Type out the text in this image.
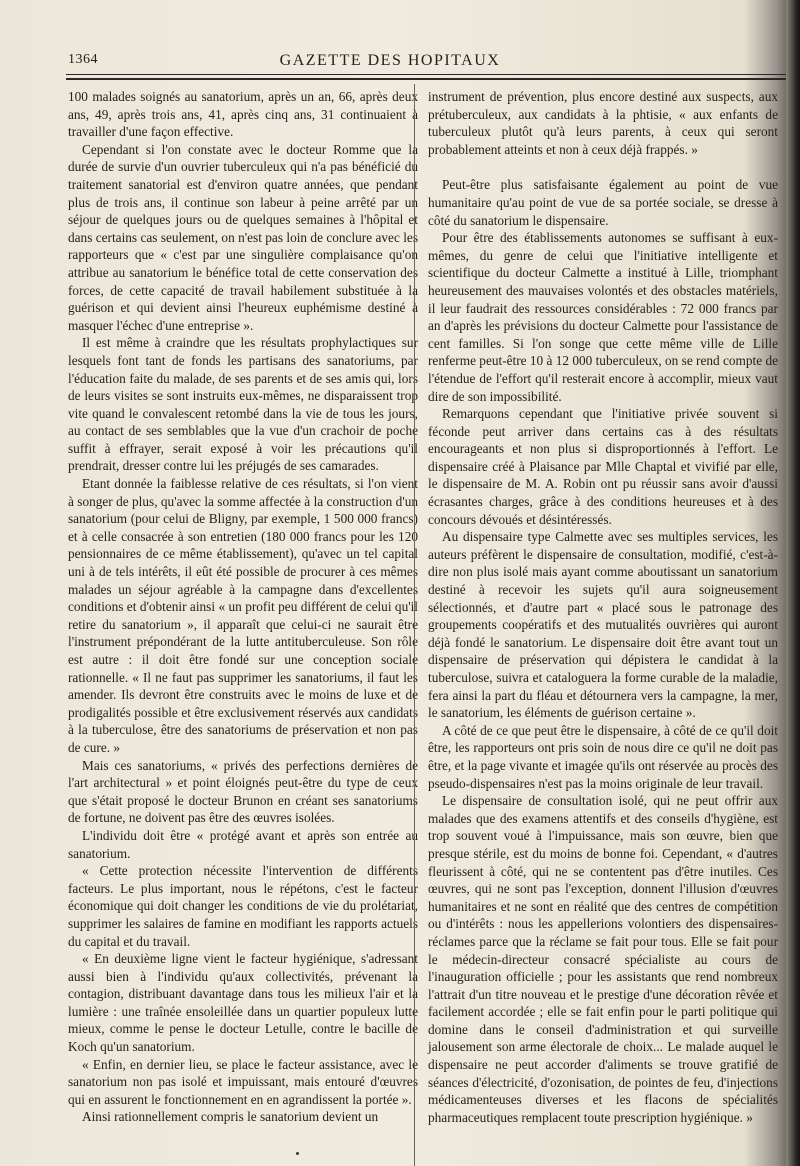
1364	GAZETTE DES HOPITAUX

100 malades soignés au sanatorium, après un an, 66, après deux ans, 49, après trois ans, 41, après cinq ans, 31 continuaient à travailler d'une façon effective.

Cependant si l'on constate avec le docteur Romme que la durée de survie d'un ouvrier tuberculeux qui n'a pas bénéficié du traitement sanatorial est d'environ quatre années, que pendant plus de trois ans, il continue son labeur à peine arrêté par un séjour de quelques jours ou de quelques semaines à l'hôpital et dans certains cas seulement, on n'est pas loin de conclure avec les rapporteurs que « c'est par une singulière complaisance qu'on attribue au sanatorium le bénéfice total de cette conservation des forces, de cette capacité de travail habilement substituée à la guérison et qui devient ainsi l'heureux euphémisme destiné à masquer l'échec d'une entreprise ».

Il est même à craindre que les résultats prophylactiques sur lesquels font tant de fonds les partisans des sanatoriums, par l'éducation faite du malade, de ses parents et de ses amis qui, lors de leurs visites se sont instruits eux-mêmes, ne disparaissent trop vite quand le convalescent retombé dans la vie de tous les jours, au contact de ses semblables que la vue d'un crachoir de poche suffit à effrayer, serait exposé à voir les précautions qu'il prendrait, dresser contre lui les préjugés de ses camarades.

Etant donnée la faiblesse relative de ces résultats, si l'on vient à songer de plus, qu'avec la somme affectée à la construction d'un sanatorium (pour celui de Bligny, par exemple, 1 500 000 francs) et à celle consacrée à son entretien (180 000 francs pour les 120 pensionnaires de ce même établissement), qu'avec un tel capital uni à de tels intérêts, il eût été possible de procurer à ces mêmes malades un séjour agréable à la campagne dans d'excellentes conditions et d'obtenir ainsi « un profit peu différent de celui qu'il retire du sanatorium », il apparaît que celui-ci ne saurait être l'instrument prépondérant de la lutte antituberculeuse. Son rôle est autre : il doit être fondé sur une conception sociale rationnelle. « Il ne faut pas supprimer les sanatoriums, il faut les amender. Ils devront être construits avec le moins de luxe et de prodigalités possible et être exclusivement réservés aux candidats à la tuberculose, être des sanatoriums de préservation et non pas de cure. »

Mais ces sanatoriums, « privés des perfections dernières de l'art architectural » et point éloignés peut-être du type de ceux que s'était proposé le docteur Brunon en créant ses sanatoriums de fortune, ne doivent pas être des œuvres isolées.

L'individu doit être « protégé avant et après son entrée au sanatorium.

« Cette protection nécessite l'intervention de différents facteurs. Le plus important, nous le répétons, c'est le facteur économique qui doit changer les conditions de vie du prolétariat, supprimer les salaires de famine en modifiant les rapports actuels du capital et du travail.

« En deuxième ligne vient le facteur hygiénique, s'adressant aussi bien à l'individu qu'aux collectivités, prévenant la contagion, distribuant davantage dans tous les milieux l'air et la lumière : une traînée ensoleillée dans un quartier populeux lutte mieux, comme le pense le docteur Letulle, contre le bacille de Koch qu'un sanatorium.

« Enfin, en dernier lieu, se place le facteur assistance, avec le sanatorium non pas isolé et impuissant, mais entouré d'œuvres qui en assurent le fonctionnement en en agrandissent la portée ».

Ainsi rationnellement compris le sanatorium devient un

instrument de prévention, plus encore destiné aux suspects, aux prétuberculeux, aux candidats à la phtisie, « aux enfants de tuberculeux plutôt qu'à leurs parents, à ceux qui seront probablement atteints et non à ceux déjà frappés. »

Peut-être plus satisfaisante également au point de vue humanitaire qu'au point de vue de sa portée sociale, se dresse à côté du sanatorium le dispensaire.

Pour être des établissements autonomes se suffisant à eux-mêmes, du genre de celui que l'initiative intelligente et scientifique du docteur Calmette a institué à Lille, triomphant heureusement des mauvaises volontés et des obstacles matériels, il leur faudrait des ressources considérables : 72 000 francs par an d'après les prévisions du docteur Calmette pour l'assistance de cent familles. Si l'on songe que cette même ville de Lille renferme peut-être 10 à 12 000 tuberculeux, on se rend compte de l'étendue de l'effort qu'il resterait encore à accomplir, mieux vaut dire de son impossibilité.

Remarquons cependant que l'initiative privée souvent si féconde peut arriver dans certains cas à des résultats encourageants et non plus si disproportionnés à l'effort. Le dispensaire créé à Plaisance par Mlle Chaptal et vivifié par elle, le dispensaire de M. A. Robin ont pu réussir sans avoir d'aussi écrasantes charges, grâce à des conditions heureuses et à des concours dévoués et désintéressés.

Au dispensaire type Calmette avec ses multiples services, les auteurs préfèrent le dispensaire de consultation, modifié, c'est-à-dire non plus isolé mais ayant comme aboutissant un sanatorium destiné à recevoir les sujets qu'il aura soigneusement sélectionnés, et d'autre part « placé sous le patronage des groupements coopératifs et des mutualités ouvrières qui auront déjà fondé le sanatorium. Le dispensaire doit être avant tout un dispensaire de préservation qui dépistera le candidat à la tuberculose, suivra et cataloguera la forme curable de la maladie, fera ainsi la part du fléau et détournera vers la campagne, la mer, le sanatorium, les éléments de guérison certaine ».

A côté de ce que peut être le dispensaire, à côté de ce qu'il doit être, les rapporteurs ont pris soin de nous dire ce qu'il ne doit pas être, et la page vivante et imagée qu'ils ont réservée au procès des pseudo-dispensaires n'est pas la moins originale de leur travail.

Le dispensaire de consultation isolé, qui ne peut offrir aux malades que des examens attentifs et des conseils d'hygiène, est trop souvent voué à l'impuissance, mais son œuvre, bien que presque stérile, est du moins de bonne foi. Cependant, « d'autres fleurissent à côté, qui ne se contentent pas d'être inutiles. Ces œuvres, qui ne sont pas l'exception, donnent l'illusion d'œuvres humanitaires et ne sont en réalité que des centres de compétition ou d'intérêts : nous les appellerions volontiers des dispensaires-réclames parce que la réclame se fait pour tous. Elle se fait pour le médecin-directeur consacré spécialiste au cours de l'inauguration officielle ; pour les assistants que rend nombreux l'attrait d'un titre nouveau et le prestige d'une décoration rêvée et facilement accordée ; elle se fait enfin pour le parti politique qui domine dans le conseil d'administration et qui surveille jalousement son arme électorale de choix... Le malade auquel le dispensaire ne peut accorder d'aliments se trouve gratifié de séances d'électricité, d'ozonisation, de pointes de feu, d'injections médicamenteuses diverses et les flacons de spécialités pharmaceutiques remplacent toute prescription hygiénique. »
